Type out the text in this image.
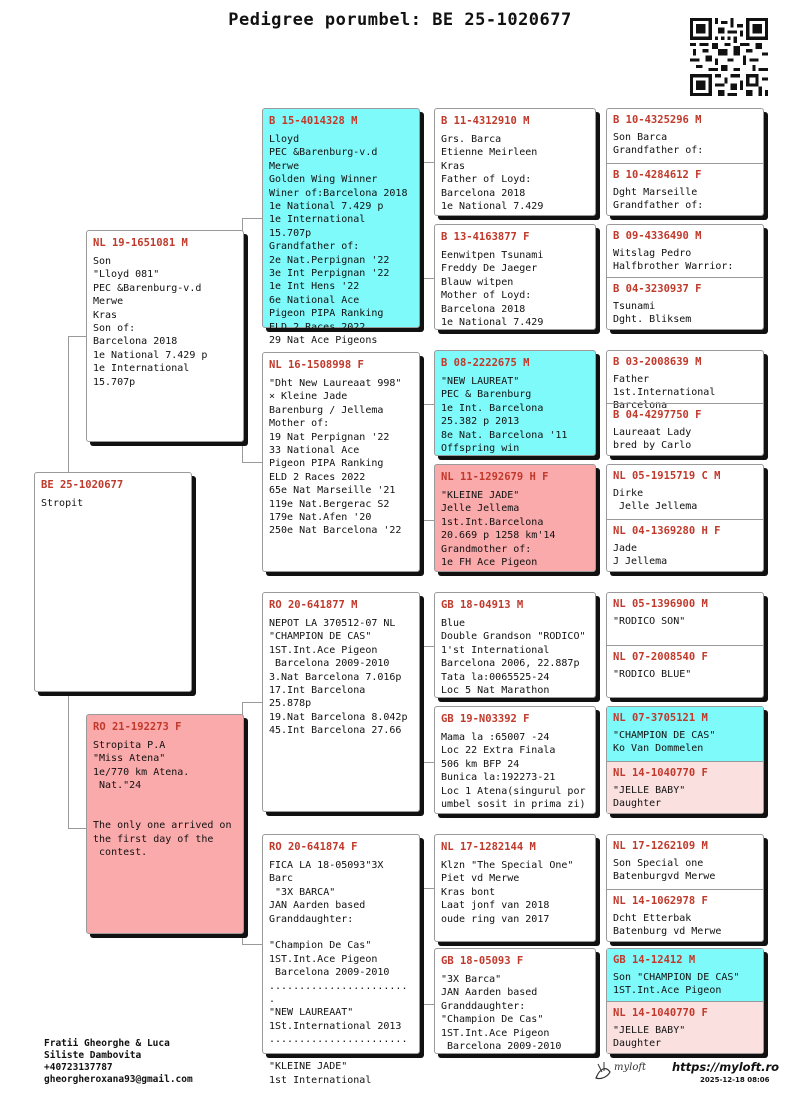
Pedigree porumbel: BE 25-1020677
BE 25-1020677
Stropit
NL 19-1651081 M
Son
"Lloyd 081"
PEC &Barenburg-v.d Merwe
Kras
Son of:
Barcelona 2018
1e National 7.429 p
1e International 15.707p
RO 21-192273 F
Stropita P.A
"Miss Atena"
1e/770 km Atena.
Nat."24

The only one arrived on
the first day of the
contest.
B 15-4014328 M
Lloyd
PEC &Barenburg-v.d Merwe
Golden Wing Winner
Winer of:Barcelona 2018
1e National 7.429 p
1e International 15.707p
Grandfather of:
2e Nat.Perpignan '22
3e Int Perpignan '22
1e Int Hens '22
6e National Ace
Pigeon PIPA Ranking
ELD 2 Races 2022
29 Nat Ace Pigeons
NL 16-1508998 F
"Dht New Laureaat 998"
× Kleine Jade
Barenburg / Jellema
Mother of:
19 Nat Perpignan '22
33 National Ace
Pigeon PIPA Ranking
ELD 2 Races 2022
65e Nat Marseille '21
119e Nat.Bergerac S2
179e Nat.Afen '20
250e Nat Barcelona '22
RO 20-641877 M
NEPOT LA 370512-07 NL
"CHAMPION DE CAS"
1ST.Int.Ace Pigeon
Barcelona 2009-2010
3.Nat Barcelona 7.016p
17.Int Barcelona 25.878p
19.Nat Barcelona 8.042p
45.Int Barcelona 27.66
RO 20-641874 F
FICA LA 18-05093"3X Barc
"3X BARCA"
JAN Aarden based
Granddaughter:

"Champion De Cas"
1ST.Int.Ace Pigeon
Barcelona 2009-2010
........................
"NEW LAUREAAT"
1St.International 2013
........................
"KLEINE JADE"
1st International
B 11-4312910 M
Grs. Barca
Etienne Meirleen
Kras
Father of Loyd:
Barcelona 2018
1e National 7.429
B 13-4163877 F
Eenwitpen Tsunami
Freddy De Jaeger
Blauw witpen
Mother of Loyd:
Barcelona 2018
1e National 7.429
B 08-2222675 M
"NEW LAUREAT"
PEC & Barenburg
1e Int. Barcelona
25.382 p 2013
8e Nat. Barcelona '11
Offspring win
NL 11-1292679 H F
"KLEINE JADE"
Jelle Jellema
1st.Int.Barcelona
20.669 p 1258 km'14
Grandmother of:
1e FH Ace Pigeon
GB 18-04913 M
Blue
Double Grandson "RODICO"
1'st International
Barcelona 2006, 22.887p
Tata la:0065525-24
Loc 5 Nat Marathon
GB 19-N03392 F
Mama la :65007 -24
Loc 22 Extra Finala
506 km BFP 24
Bunica la:192273-21
Loc 1 Atena(singurul por
umbel sosit in prima zi)
NL 17-1282144 M
Klzn "The Special One"
Piet vd Merwe
Kras bont
Laat jonf van 2018
oude ring van 2017
GB 18-05093 F
"3X Barca"
JAN Aarden based
Granddaughter:
"Champion De Cas"
1ST.Int.Ace Pigeon
Barcelona 2009-2010
B 10-4325296 M
Son Barca
Grandfather of:
B 10-4284612 F
Dght Marseille
Grandfather of:
B 09-4336490 M
Witslag Pedro
Halfbrother Warrior:
B 04-3230937 F
Tsunami
Dght. Bliksem
B 03-2008639 M
Father 1st.International
Barcelona
B 04-4297750 F
Laureaat Lady
bred by Carlo
NL 05-1915719 C M
Dirke
Jelle Jellema
NL 04-1369280 H F
Jade
J Jellema
NL 05-1396900 M
"RODICO SON"
NL 07-2008540 F
"RODICO BLUE"
NL 07-3705121 M
"CHAMPION DE CAS"
Ko Van Dommelen
NL 14-1040770 F
"JELLE BABY"
Daughter
NL 17-1262109 M
Son Special one
Batenburgvd Merwe
NL 14-1062978 F
Dcht Etterbak
Batenburg vd Merwe
GB 14-12412 M
Son "CHAMPION DE CAS"
1ST.Int.Ace Pigeon
NL 14-1040770 F
"JELLE BABY"
Daughter
Fratii Gheorghe & Luca
Siliste Dambovita
+40723137787
gheorgheroxana93@gmail.com
myloft https://myloft.ro
2025-12-18 08:06
